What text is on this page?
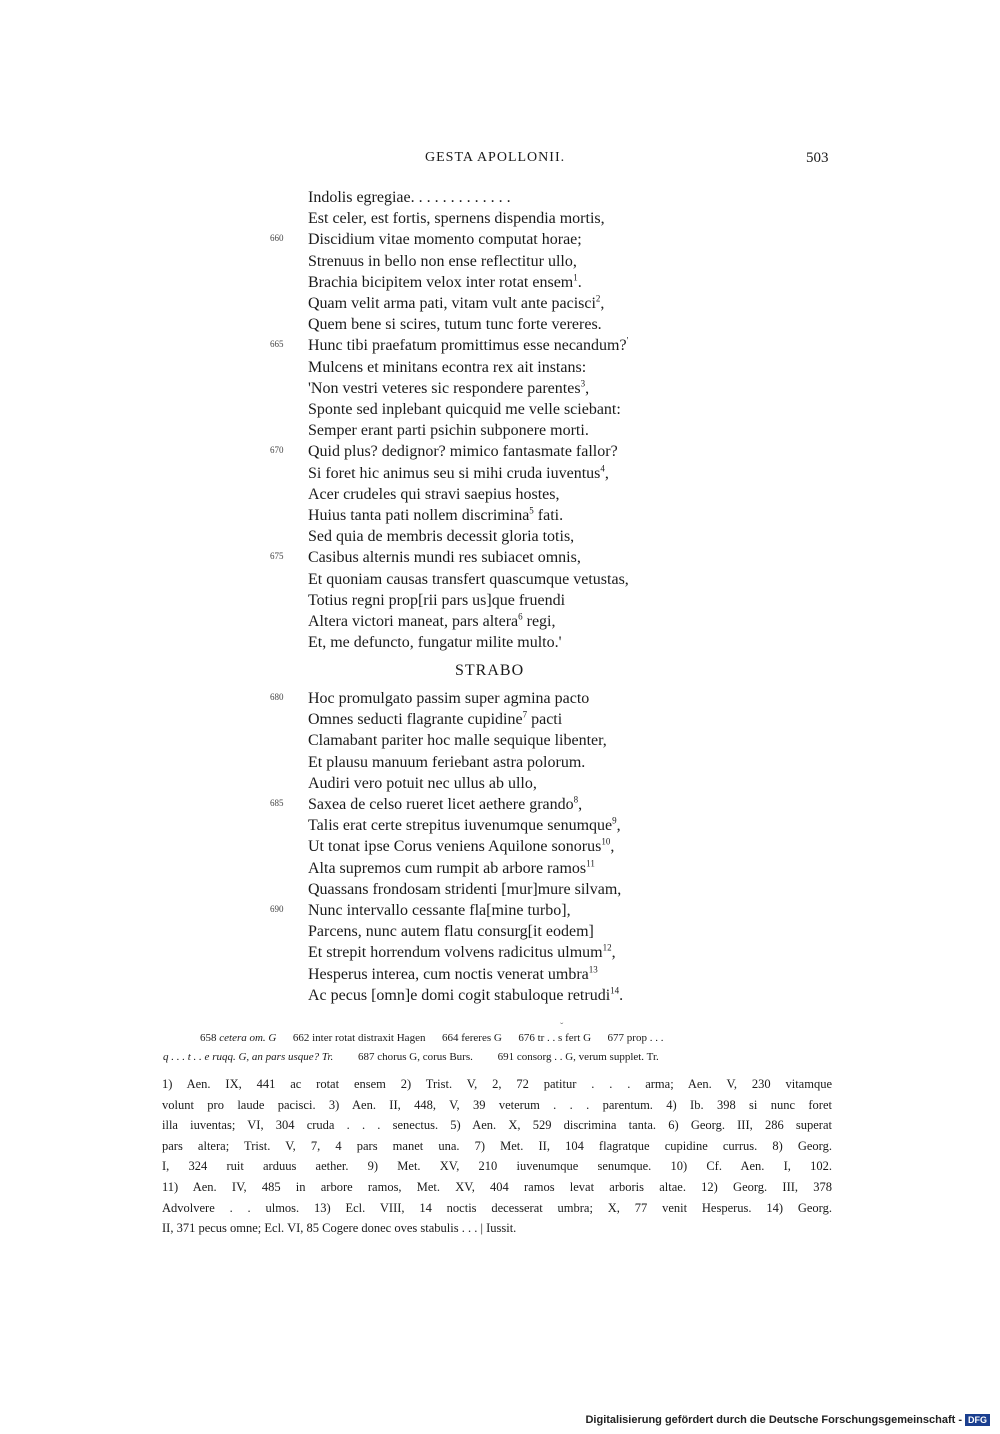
GESTA APOLLONII.	503
Indolis egregiae. . . . . . . . . . . . .
Est celer, est fortis, spernens dispendia mortis,
660 Discidium vitae momento computat horae;
Strenuus in bello non ense reflectitur ullo,
Brachia bicipitem velox inter rotat ensem$^1$.
Quam velit arma pati, vitam vult ante pacisci$^2$,
Quem bene si scires, tutum tunc forte vereres.
665 Hunc tibi praefatum promittimus esse necandum?'
Mulcens et minitans econtra rex ait instans:
'Non vestri veteres sic respondere parentes$^3$,
Sponte sed inplebant quicquid me velle sciebant:
Semper erant parti psichin subponere morti.
670 Quid plus? dedignor? mimico fantasmate fallor?
Si foret hic animus seu si mihi cruda iuventus$^4$,
Acer crudeles qui stravi saepius hostes,
Huius tanta pati nollem discrimina$^5$ fati.
Sed quia de membris decessit gloria totis,
675 Casibus alternis mundi res subiacet omnis,
Et quoniam causas transfert quascumque vetustas,
Totius regni prop[rii pars us]que fruendi
Altera victori maneat, pars altera$^6$ regi,
Et, me defuncto, fungatur milite multo.'
STRABO
680 Hoc promulgato passim super agmina pacto
Omnes seducti flagrante cupidine$^7$ pacti
Clamabant pariter hoc malle sequique libenter,
Et plausu manuum feriebant astra polorum.
Audiri vero potuit nec ullus ab ullo,
685 Saxea de celso rueret licet aethere grando$^8$,
Talis erat certe strepitus iuvenumque senumque$^9$,
Ut tonat ipse Corus veniens Aquilone sonorus$^{10}$,
Alta supremos cum rumpit ab arbore ramos$^{11}$
Quassans frondosam stridenti [mur]mure silvam,
690 Nunc intervallo cessante fla[mine turbo],
Parcens, nunc autem flatu consurg[it eodem]
Et strepit horrendum volvens radicitus ulmum$^{12}$,
Hesperus interea, cum noctis venerat umbra$^{13}$
Ac pecus [omn]e domi cogit stabuloque retrudi$^{14}$.
ˇ
658 cetera om. G 662 inter rotat distraxit Hagen 664 fereres G 676 tr . . s fert G 677 prop . . .
q . . . t . . e ruqq. G, an pars usque? Tr. 687 chorus G, corus Burs. 691 consorg . . G, verum supplet. Tr.
1) Aen. IX, 441 ac rotat ensem 2) Trist. V, 2, 72 patitur . . . arma; Aen. V, 230 vitamque
volunt pro laude pacisci. 3) Aen. II, 448, V, 39 veterum . . . parentum. 4) Ib. 398 si nunc foret
illa iuventas; VI, 304 cruda . . . senectus. 5) Aen. X, 529 discrimina tanta. 6) Georg. III, 286 superat
pars altera; Trist. V, 7, 4 pars manet una. 7) Met. II, 104 flagratque cupidine currus. 8) Georg.
I, 324 ruit arduus aether. 9) Met. XV, 210 iuvenumque senumque. 10) Cf. Aen. I, 102.
11) Aen. IV, 485 in arbore ramos, Met. XV, 404 ramos levat arboris altae. 12) Georg. III, 378
Advolvere . . ulmos. 13) Ecl. VIII, 14 noctis decesserat umbra; X, 77 venit Hesperus. 14) Georg.
II, 371 pecus omne; Ecl. VI, 85 Cogere donec oves stabulis . . . | Iussit.
Digitalisierung gefördert durch die Deutsche Forschungsgemeinschaft - DFG
